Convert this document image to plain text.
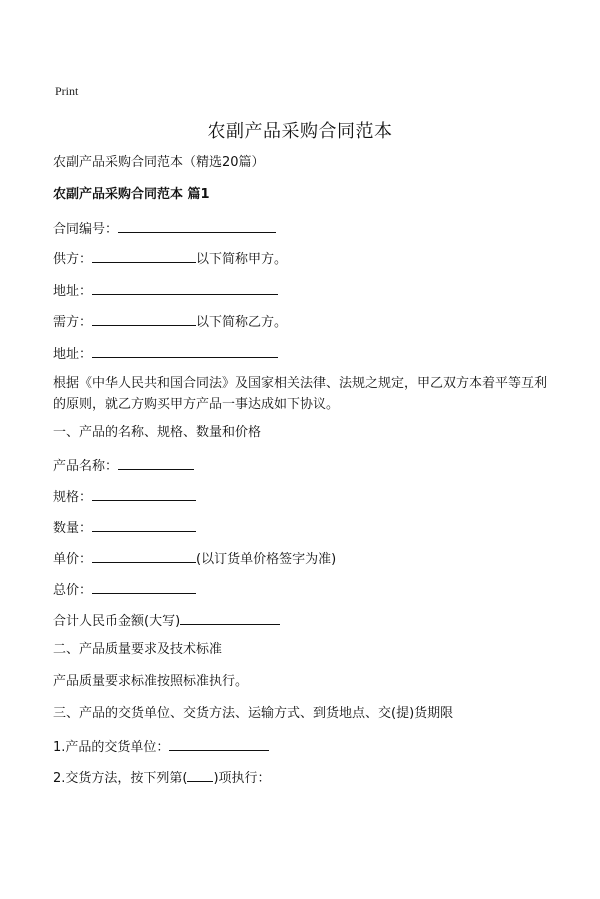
Print
农副产品采购合同范本
农副产品采购合同范本（精选20篇）
农副产品采购合同范本 篇1
合同编号：
供方：	以下简称甲方。
地址：
需方：	以下简称乙方。
地址：
根据《中华人民共和国合同法》及国家相关法律、法规之规定，甲乙双方本着平等互利的原则，就乙方购买甲方产品一事达成如下协议。
一、产品的名称、规格、数量和价格
产品名称：
规格：
数量：
单价：	(以订货单价格签字为准)
总价：
合计人民币金额(大写)
二、产品质量要求及技术标准
产品质量要求标准按照标准执行。
三、产品的交货单位、交货方法、运输方式、到货地点、交(提)货期限
1.产品的交货单位：
2.交货方法，按下列第( )项执行：
